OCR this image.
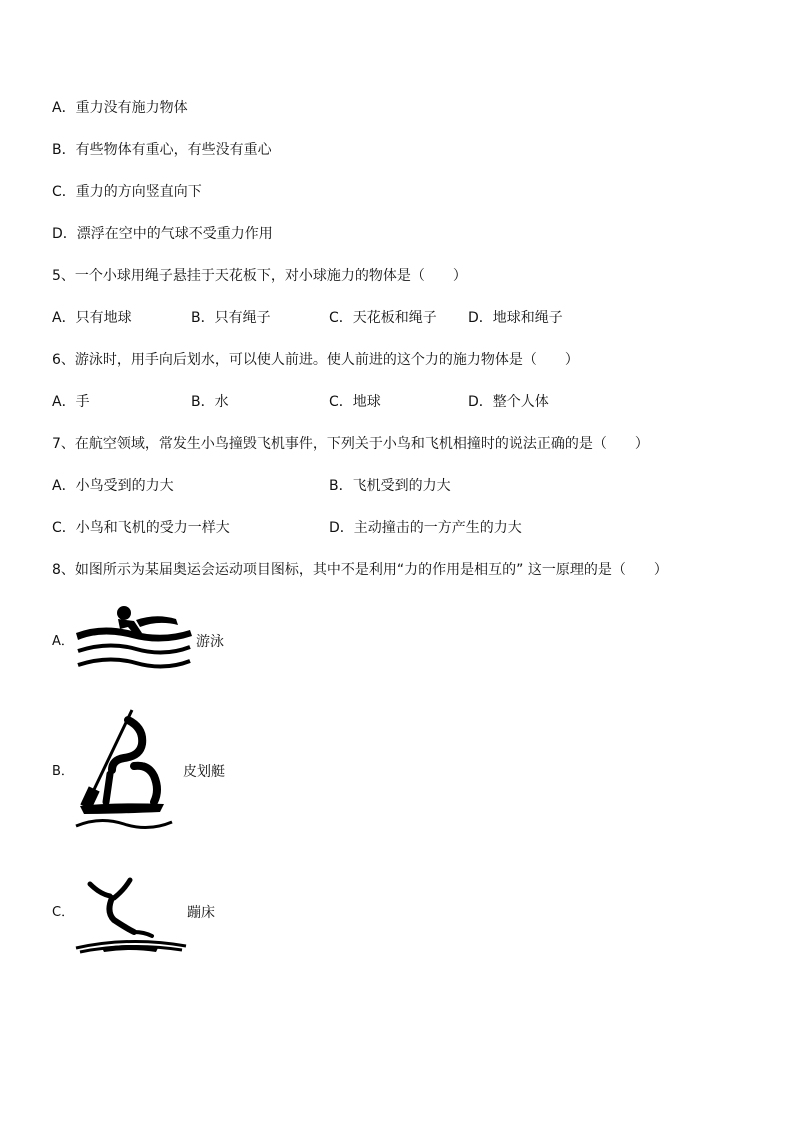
A．重力没有施力物体
B．有些物体有重心，有些没有重心
C．重力的方向竖直向下
D．漂浮在空中的气球不受重力作用
5、一个小球用绳子悬挂于天花板下，对小球施力的物体是（　　）
A．只有地球	B．只有绳子	C．天花板和绳子 D．地球和绳子
6、游泳时，用手向后划水，可以使人前进。使人前进的这个力的施力物体是（　　）
A．手	B．水	C．地球	D．整个人体
7、在航空领域，常发生小鸟撞毁飞机事件，下列关于小鸟和飞机相撞时的说法正确的是（　　）
A．小鸟受到的力大	B．飞机受到的力大
C．小鸟和飞机的受力一样大	D．主动撞击的一方产生的力大
8、如图所示为某届奥运会运动项目图标，其中不是利用“力的作用是相互的” 这一原理的是（　　）
A．	游泳
B．	皮划艇
C．	蹦床
